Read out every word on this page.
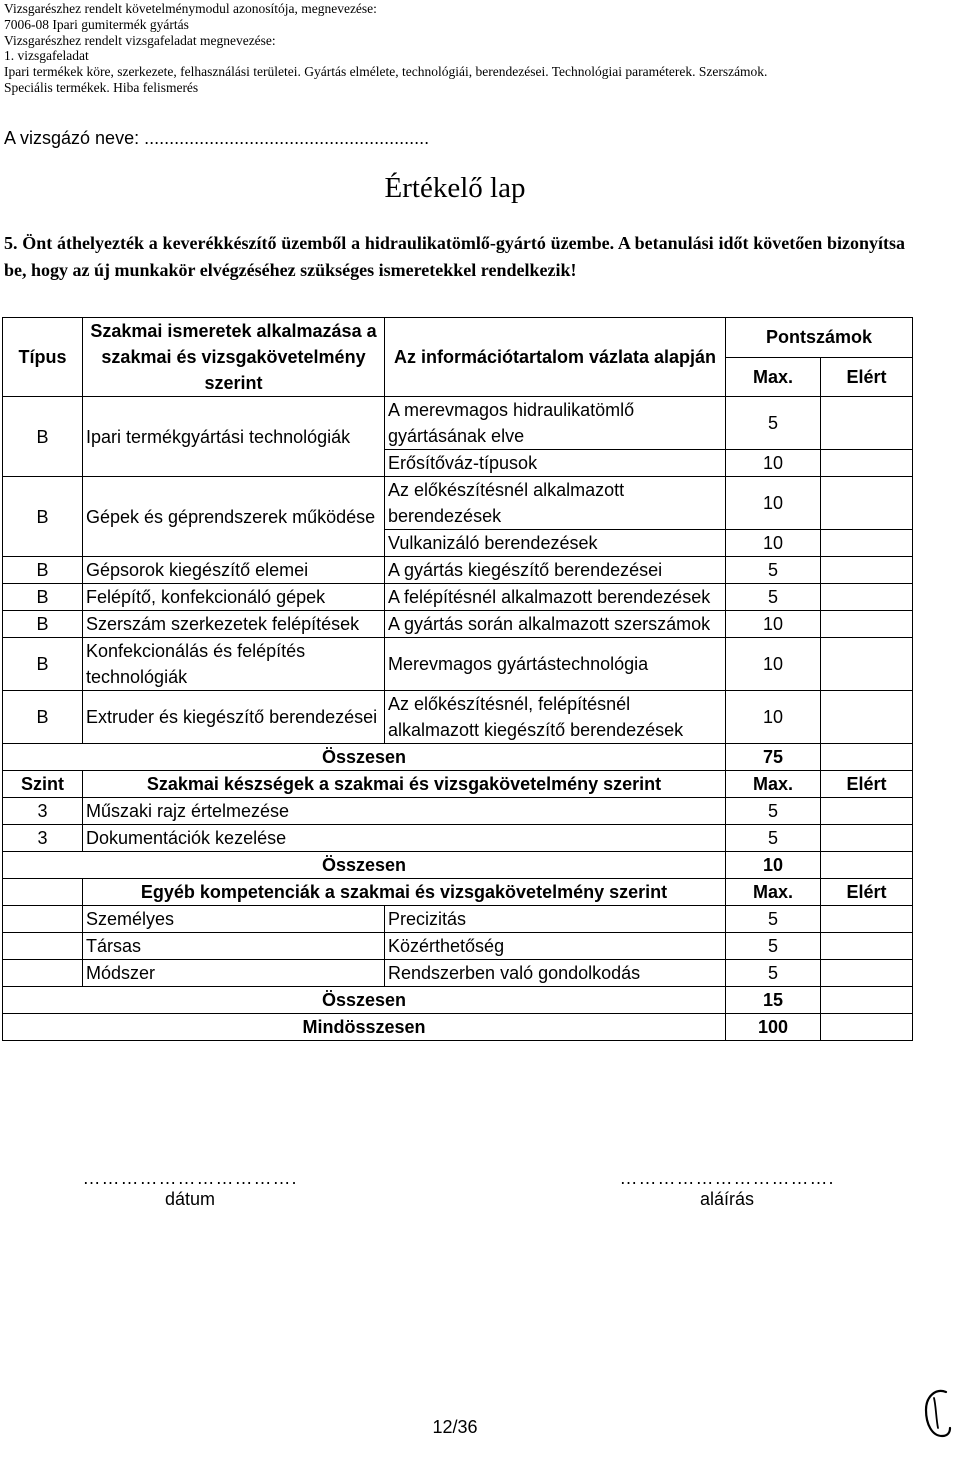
Vizsgarészhez rendelt követelménymodul azonosítója, megnevezése:
7006-08 Ipari gumitermék gyártás
Vizsgarészhez rendelt vizsgafeladat megnevezése:
1. vizsgafeladat
Ipari termékek köre, szerkezete, felhasználási területei. Gyártás elmélete, technológiái, berendezései. Technológiai paraméterek. Szerszámok.
Speciális termékek. Hiba felismerés
A vizsgázó neve: .........................................................
Értékelő lap
5. Önt áthelyezték a keverékkészítő üzemből a hidraulikatömlő-gyártó üzembe. A betanulási időt követően bizonyítsa be, hogy az új munkakör elvégzéséhez szükséges ismeretekkel rendelkezik!
Típus	Szakmai ismeretek alkalmazása a szakmai és vizsgakövetelmény szerint	Az információtartalom vázlata alapján	Pontszámok	
			Max.	Elért
B	Ipari termékgyártási technológiák	A merevmagos hidraulikatömlő gyártásának elve	5	
		Erősítőváz-típusok	10	
B	Gépek és géprendszerek működése	Az előkészítésnél alkalmazott berendezések	10	
		Vulkanizáló berendezések	10	
B	Gépsorok kiegészítő elemei	A gyártás kiegészítő berendezései	5	
B	Felépítő, konfekcionáló gépek	A felépítésnél alkalmazott berendezések	5	
B	Szerszám szerkezetek felépítések	A gyártás során alkalmazott szerszámok	10	
B	Konfekcionálás és felépítés technológiák	Merevmagos gyártástechnológia	10	
B	Extruder és kiegészítő berendezései	Az előkészítésnél, felépítésnél alkalmazott kiegészítő berendezések	10	
Összesen			75	
Szint	Szakmai készségek a szakmai és vizsgakövetelmény szerint		Max.	Elért
3	Műszaki rajz értelmezése		5	
3	Dokumentációk kezelése		5	
Összesen			10	
	Egyéb kompetenciák a szakmai és vizsgakövetelmény szerint		Max.	Elért
	Személyes	Precizitás	5	
	Társas	Közérthetőség	5	
	Módszer	Rendszerben való gondolkodás	5	
Összesen			15	
Mindösszesen			100	
…………………………….
dátum
…………………………….
aláírás
12/36
